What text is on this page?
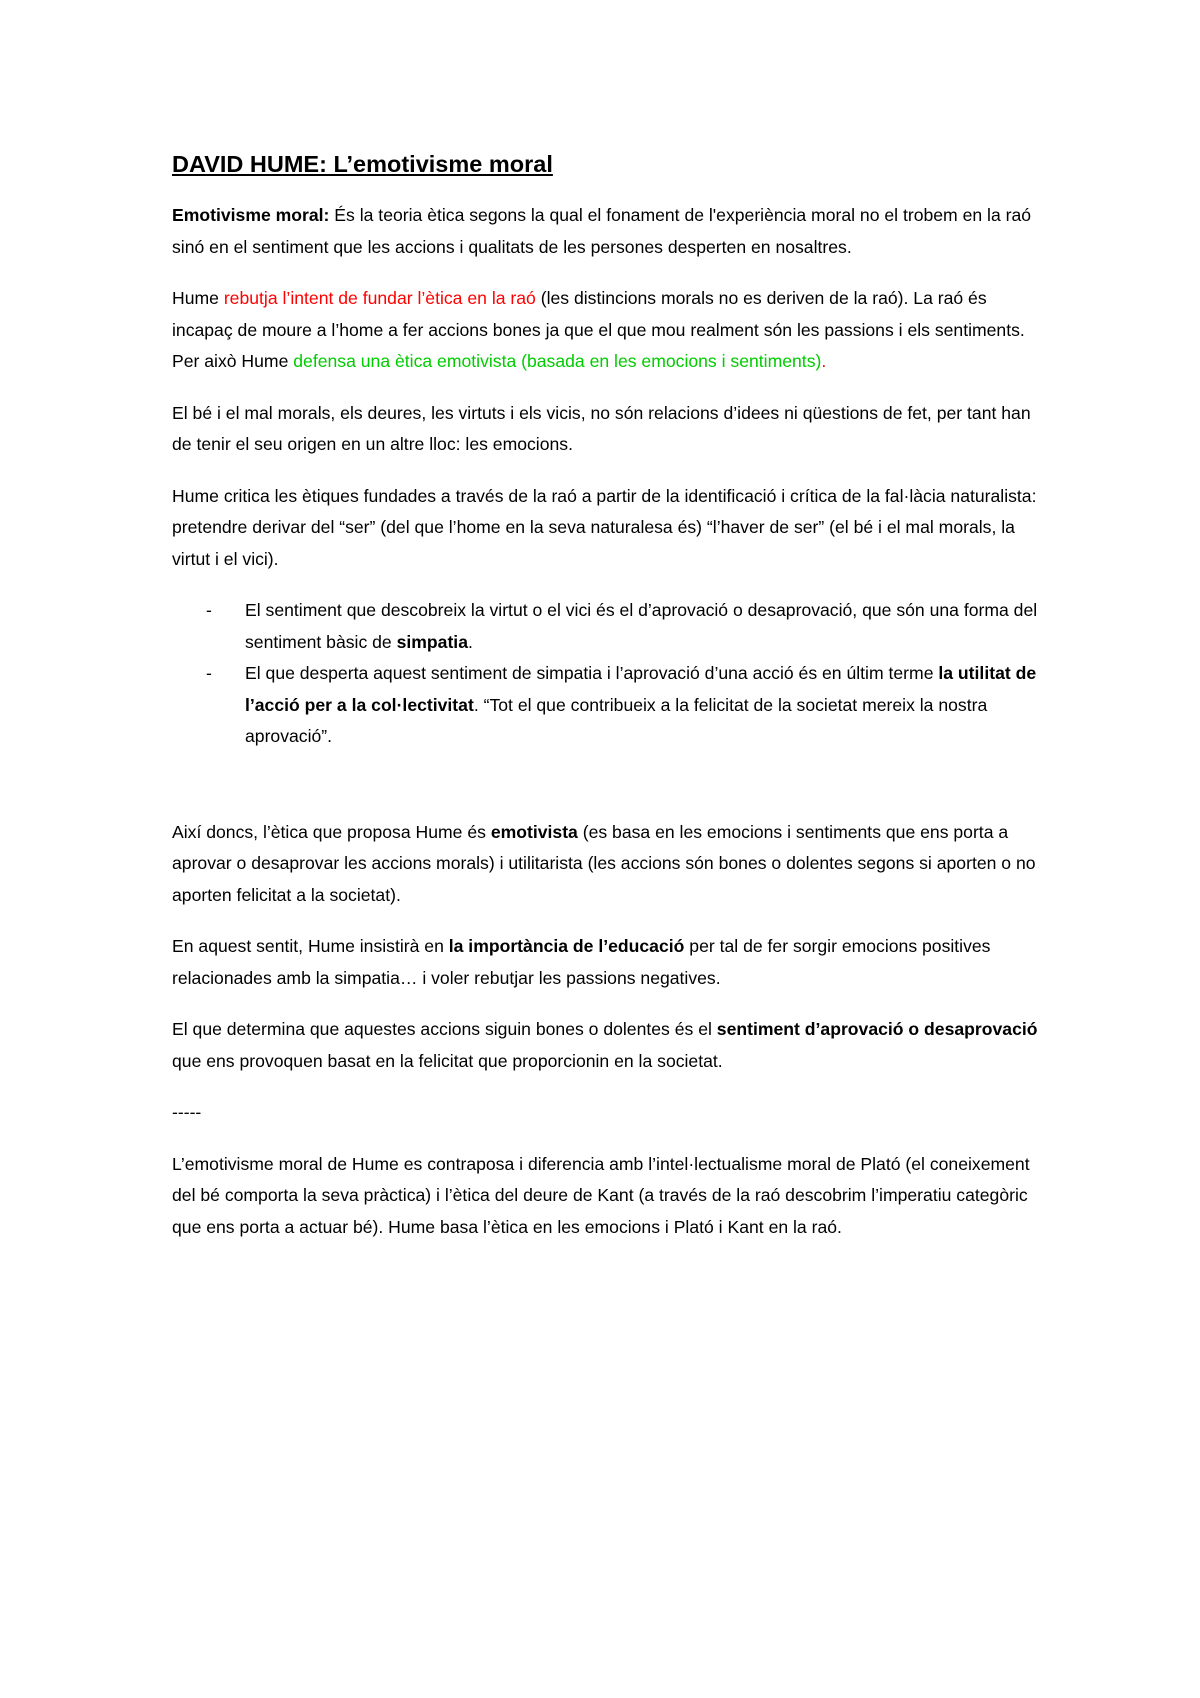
DAVID HUME: L’emotivisme moral

Emotivisme moral: És la teoria ètica segons la qual el fonament de l'experiència moral no el trobem en la raó sinó en el sentiment que les accions i qualitats de les persones desperten en nosaltres.

Hume rebutja l’intent de fundar l’ètica en la raó (les distincions morals no es deriven de la raó). La raó és incapaç de moure a l’home a fer accions bones ja que el que mou realment són les passions i els sentiments. Per això Hume defensa una ètica emotivista (basada en les emocions i sentiments).

El bé i el mal morals, els deures, les virtuts i els vicis, no són relacions d’idees ni qüestions de fet, per tant han de tenir el seu origen en un altre lloc: les emocions.

Hume critica les ètiques fundades a través de la raó a partir de la identificació i crítica de la fal·làcia naturalista: pretendre derivar del “ser” (del que l’home en la seva naturalesa és) “l’haver de ser” (el bé i el mal morals, la virtut i el vici).

- El sentiment que descobreix la virtut o el vici és el d’aprovació o desaprovació, que són una forma del sentiment bàsic de simpatia.
- El que desperta aquest sentiment de simpatia i l’aprovació d’una acció és en últim terme la utilitat de l’acció per a la col·lectivitat. “Tot el que contribueix a la felicitat de la societat mereix la nostra aprovació”.

Així doncs, l’ètica que proposa Hume és emotivista (es basa en les emocions i sentiments que ens porta a aprovar o desaprovar les accions morals) i utilitarista (les accions són bones o dolentes segons si aporten o no aporten felicitat a la societat).

En aquest sentit, Hume insistirà en la importància de l’educació per tal de fer sorgir emocions positives relacionades amb la simpatia… i voler rebutjar les passions negatives.

El que determina que aquestes accions siguin bones o dolentes és el sentiment d’aprovació o desaprovació que ens provoquen basat en la felicitat que proporcionin en la societat.

-----

L’emotivisme moral de Hume es contraposa i diferencia amb l’intel·lectualisme moral de Plató (el coneixement del bé comporta la seva pràctica) i l’ètica del deure de Kant (a través de la raó descobrim l’imperatiu categòric que ens porta a actuar bé). Hume basa l’ètica en les emocions i Plató i Kant en la raó.
